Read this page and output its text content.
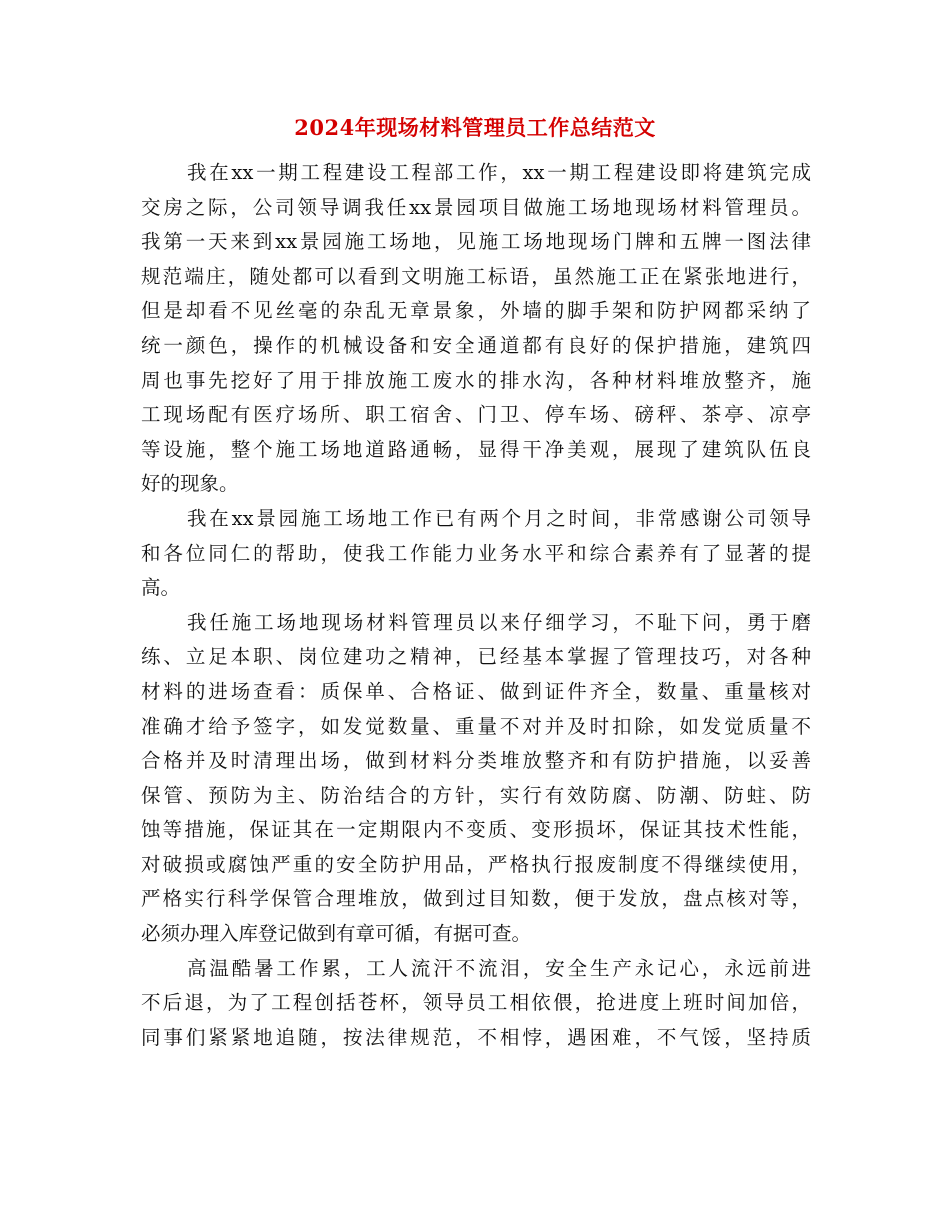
2024年现场材料管理员工作总结范文
我在xx一期工程建设工程部工作，xx一期工程建设即将建筑完成
交房之际，公司领导调我任xx景园项目做施工场地现场材料管理员。
我第一天来到xx景园施工场地，见施工场地现场门牌和五牌一图法律
规范端庄，随处都可以看到文明施工标语，虽然施工正在紧张地进行，
但是却看不见丝毫的杂乱无章景象，外墙的脚手架和防护网都采纳了
统一颜色，操作的机械设备和安全通道都有良好的保护措施，建筑四
周也事先挖好了用于排放施工废水的排水沟，各种材料堆放整齐，施
工现场配有医疗场所、职工宿舍、门卫、停车场、磅秤、茶亭、凉亭
等设施，整个施工场地道路通畅，显得干净美观，展现了建筑队伍良
好的现象。
我在xx景园施工场地工作已有两个月之时间，非常感谢公司领导
和各位同仁的帮助，使我工作能力业务水平和综合素养有了显著的提
高。
我任施工场地现场材料管理员以来仔细学习，不耻下问，勇于磨
练、立足本职、岗位建功之精神，已经基本掌握了管理技巧，对各种
材料的进场查看：质保单、合格证、做到证件齐全，数量、重量核对
准确才给予签字，如发觉数量、重量不对并及时扣除，如发觉质量不
合格并及时清理出场，做到材料分类堆放整齐和有防护措施，以妥善
保管、预防为主、防治结合的方针，实行有效防腐、防潮、防蛀、防
蚀等措施，保证其在一定期限内不变质、变形损坏，保证其技术性能，
对破损或腐蚀严重的安全防护用品，严格执行报废制度不得继续使用，
严格实行科学保管合理堆放，做到过目知数，便于发放，盘点核对等，
必须办理入库登记做到有章可循，有据可查。
高温酷暑工作累，工人流汗不流泪，安全生产永记心，永远前进
不后退，为了工程创括苍杯，领导员工相依偎，抢进度上班时间加倍，
同事们紧紧地追随，按法律规范，不相悖，遇困难，不气馁，坚持质
